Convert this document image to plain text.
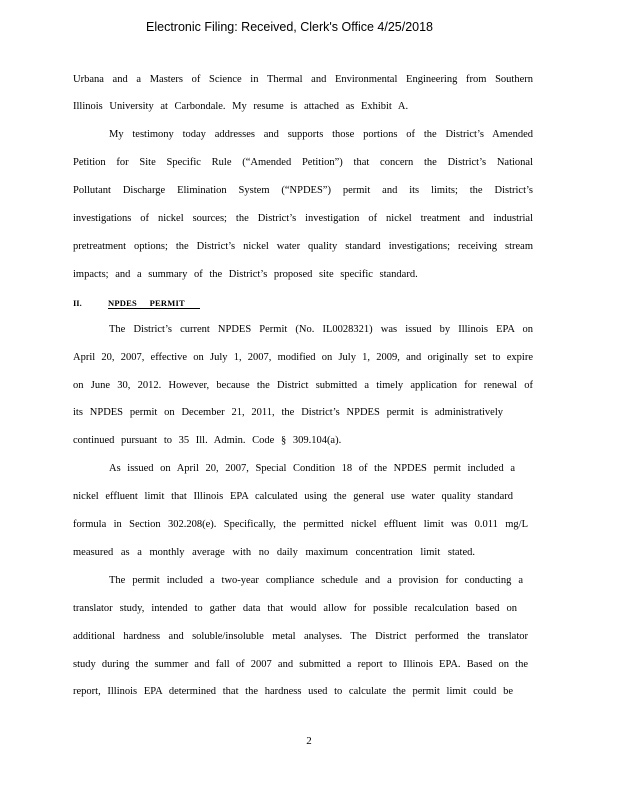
Electronic Filing: Received, Clerk's Office 4/25/2018
Urbana and a Masters of Science in Thermal and Environmental Engineering from Southern
Illinois University at Carbondale. My resume is attached as Exhibit A.
My testimony today addresses and supports those portions of the District’s Amended
Petition for Site Specific Rule (“Amended Petition”) that concern the District’s National
Pollutant Discharge Elimination System (“NPDES”) permit and its limits; the District’s
investigations of nickel sources; the District’s investigation of nickel treatment and industrial
pretreatment options; the District’s nickel water quality standard investigations; receiving stream
impacts; and a summary of the District’s proposed site specific standard.
II.	NPDES PERMIT
The District’s current NPDES Permit (No. IL0028321) was issued by Illinois EPA on
April 20, 2007, effective on July 1, 2007, modified on July 1, 2009, and originally set to expire
on June 30, 2012. However, because the District submitted a timely application for renewal of
its NPDES permit on December 21, 2011, the District’s NPDES permit is administratively
continued pursuant to 35 Ill. Admin. Code § 309.104(a).
As issued on April 20, 2007, Special Condition 18 of the NPDES permit included a
nickel effluent limit that Illinois EPA calculated using the general use water quality standard
formula in Section 302.208(e). Specifically, the permitted nickel effluent limit was 0.011 mg/L
measured as a monthly average with no daily maximum concentration limit stated.
The permit included a two-year compliance schedule and a provision for conducting a
translator study, intended to gather data that would allow for possible recalculation based on
additional hardness and soluble/insoluble metal analyses. The District performed the translator
study during the summer and fall of 2007 and submitted a report to Illinois EPA. Based on the
report, Illinois EPA determined that the hardness used to calculate the permit limit could be
2
